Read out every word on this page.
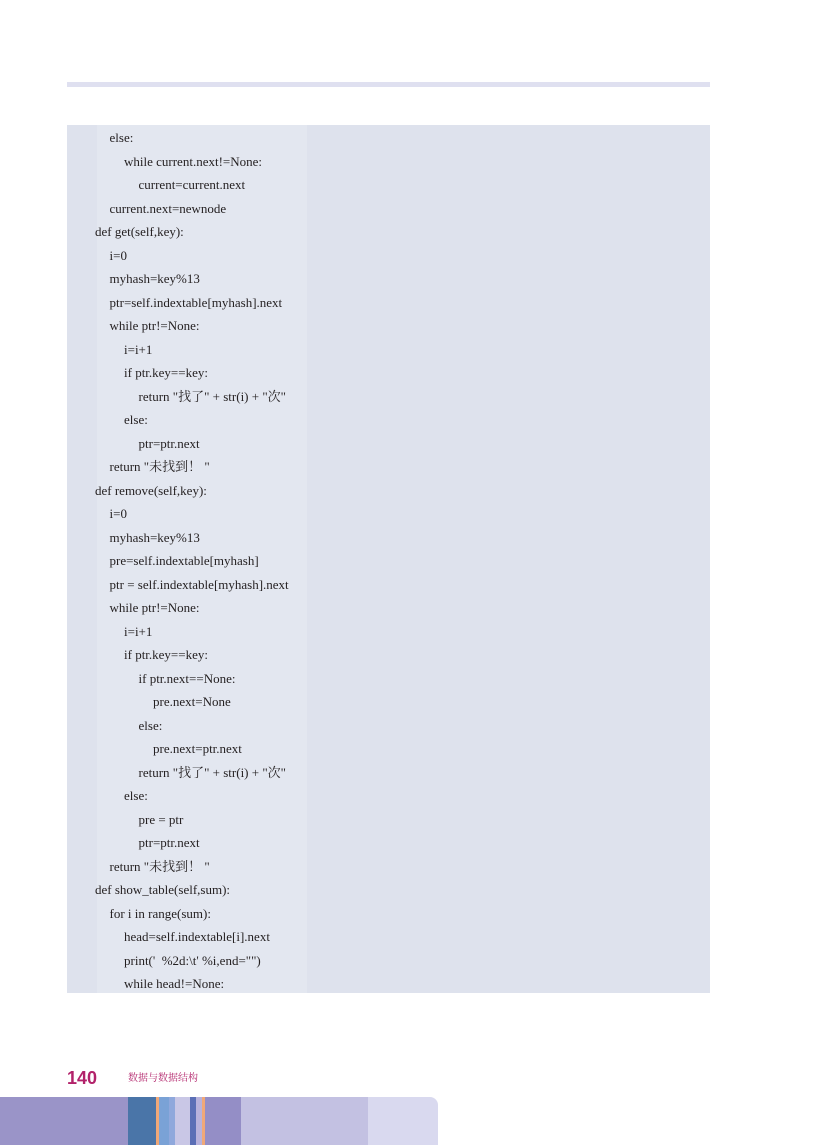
else:
while current.next!=None:
current=current.next
current.next=newnode
def get(self,key):
i=0
myhash=key%13
ptr=self.indextable[myhash].next
while ptr!=None:
i=i+1
if ptr.key==key:
return "找了" + str(i) + "次"
else:
ptr=ptr.next
return "未找到！ "
def remove(self,key):
i=0
myhash=key%13
pre=self.indextable[myhash]
ptr = self.indextable[myhash].next
while ptr!=None:
i=i+1
if ptr.key==key:
if ptr.next==None:
pre.next=None
else:
pre.next=ptr.next
return "找了" + str(i) + "次"
else:
pre = ptr
ptr=ptr.next
return "未找到！ "
def show_table(self,sum):
for i in range(sum):
head=self.indextable[i].next
print('  %2d:\t' %i,end="")
while head!=None:
140	数据与数据结构
